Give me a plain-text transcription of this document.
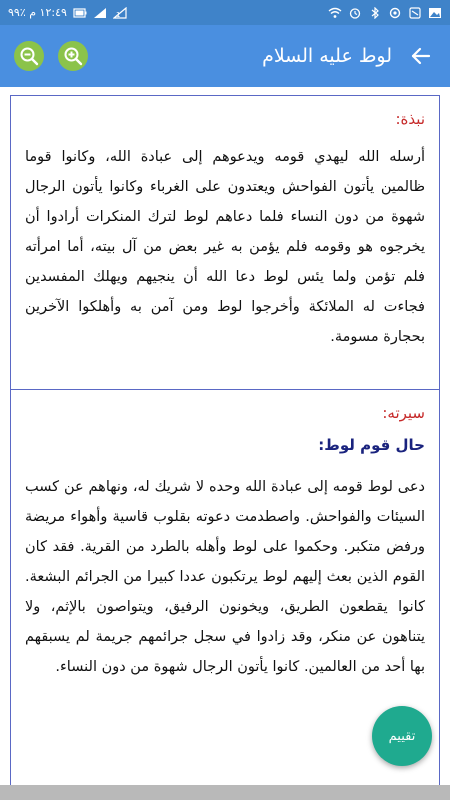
١٢:٤٩ م ٪٩٩	1
لوط عليه السلام
نبذة:
أرسله الله ليهدي قومه ويدعوهم إلى عبادة الله، وكانوا قوما ظالمين يأتون الفواحش ويعتدون على الغرباء وكانوا يأتون الرجال شهوة من دون النساء فلما دعاهم لوط لترك المنكرات أرادوا أن يخرجوه هو وقومه فلم يؤمن به غير بعض من آل بيته، أما امرأته فلم تؤمن ولما يئس لوط دعا الله أن ينجيهم ويهلك المفسدين فجاءت له الملائكة وأخرجوا لوط ومن آمن به وأهلكوا الآخرين بحجارة مسومة.
سيرته:
حال قوم لوط:
دعى لوط قومه إلى عبادة الله وحده لا شريك له، ونهاهم عن كسب السيئات والفواحش. واصطدمت دعوته بقلوب قاسية وأهواء مريضة ورفض متكبر. وحكموا على لوط وأهله بالطرد من القرية. فقد كان القوم الذين بعث إليهم لوط يرتكبون عددا كبيرا من الجرائم البشعة. كانوا يقطعون الطريق، ويخونون الرفيق، ويتواصون بالإثم، ولا يتناهون عن منكر، وقد زادوا في سجل جرائمهم جريمة لم يسبقهم بها أحد من العالمين. كانوا يأتون الرجال شهوة من دون النساء.
تقييم
